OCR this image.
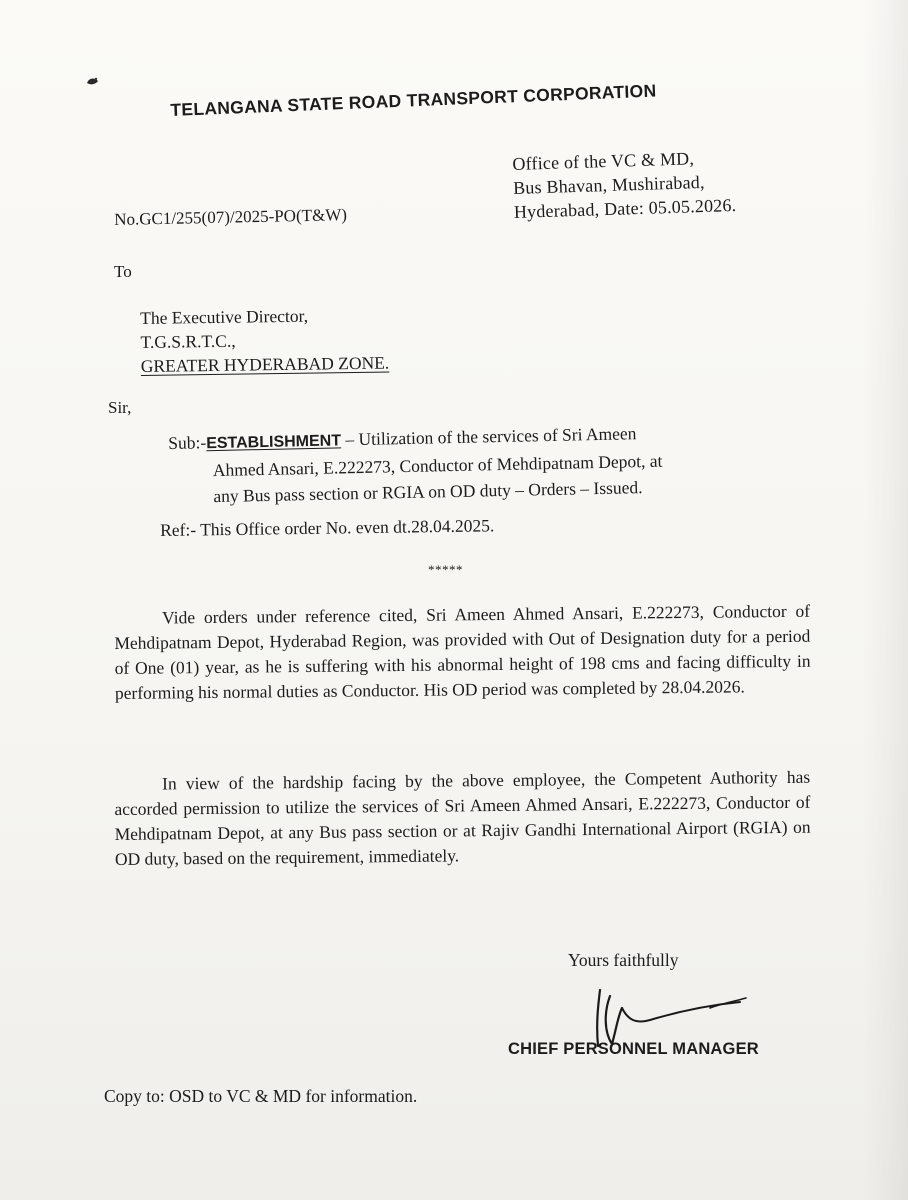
TELANGANA STATE ROAD TRANSPORT CORPORATION
Office of the VC & MD,
Bus Bhavan, Mushirabad,
Hyderabad, Date: 05.05.2026.
No.GC1/255(07)/2025-PO(T&W)
To
The Executive Director,
T.G.S.R.T.C.,
GREATER HYDERABAD ZONE.
Sir,
Sub:-ESTABLISHMENT – Utilization of the services of Sri Ameen
Ahmed Ansari, E.222273, Conductor of Mehdipatnam Depot, at
any Bus pass section or RGIA on OD duty – Orders – Issued.
Ref:- This Office order No. even dt.28.04.2025.
*****
Vide orders under reference cited, Sri Ameen Ahmed Ansari, E.222273, Conductor of Mehdipatnam Depot, Hyderabad Region, was provided with Out of Designation duty for a period of One (01) year, as he is suffering with his abnormal height of 198 cms and facing difficulty in performing his normal duties as Conductor. His OD period was completed by 28.04.2026.
In view of the hardship facing by the above employee, the Competent Authority has accorded permission to utilize the services of Sri Ameen Ahmed Ansari, E.222273, Conductor of Mehdipatnam Depot, at any Bus pass section or at Rajiv Gandhi International Airport (RGIA) on OD duty, based on the requirement, immediately.
Yours faithfully
CHIEF PERSONNEL MANAGER
Copy to: OSD to VC & MD for information.
